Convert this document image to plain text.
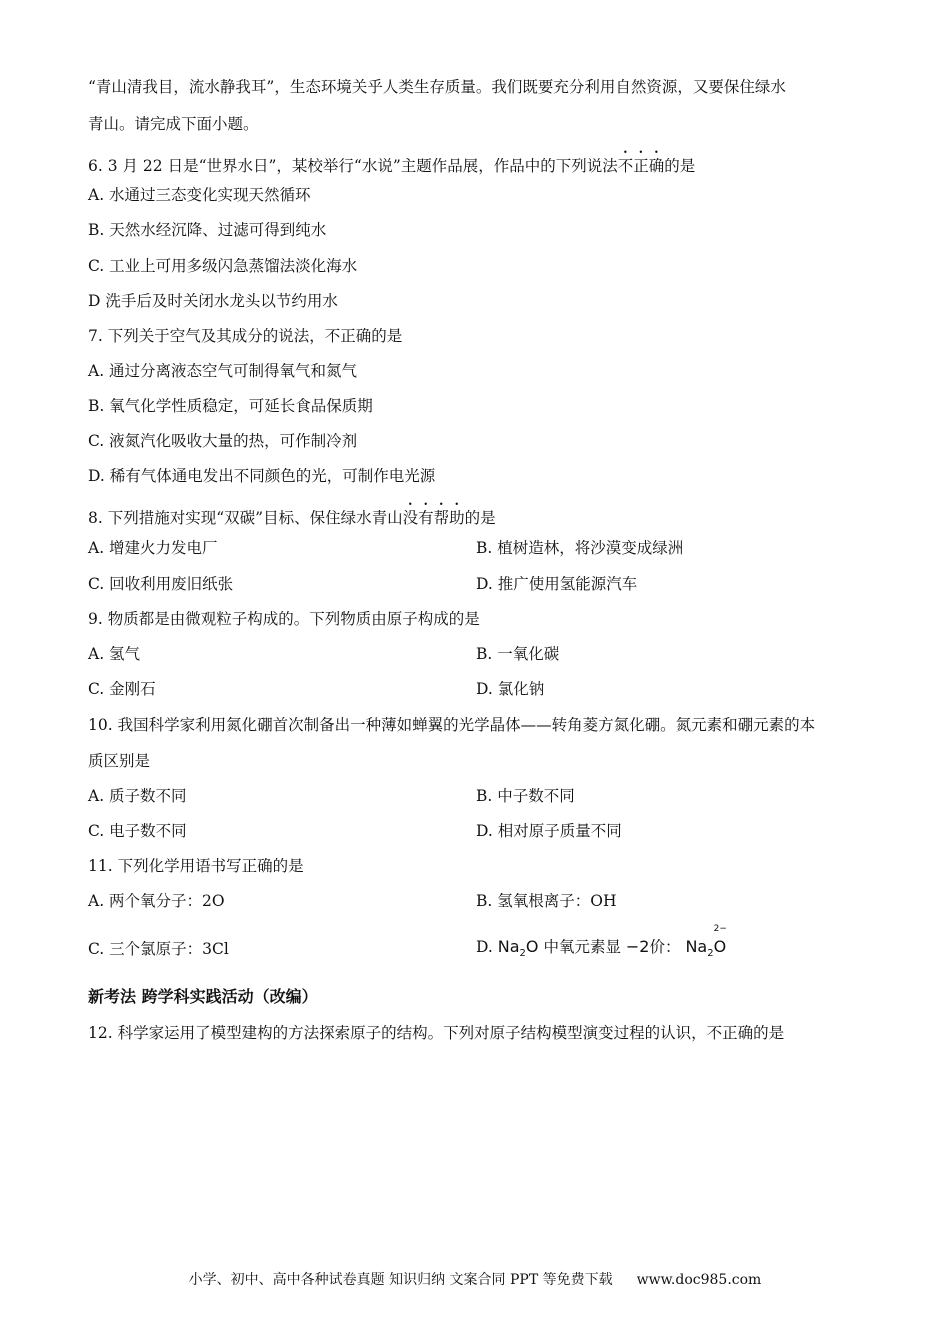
“青山清我目，流水静我耳”，生态环境关乎人类生存质量。我们既要充分利用自然资源，又要保住绿水
青山。请完成下面小题。
6. 3 月 22 日是“世界水日”，某校举行“水说”主题作品展，作品中的下列说法不正确的是
A. 水通过三态变化实现天然循环
B. 天然水经沉降、过滤可得到纯水
C. 工业上可用多级闪急蒸馏法淡化海水
D 洗手后及时关闭水龙头以节约用水
7. 下列关于空气及其成分的说法，不正确的是
A. 通过分离液态空气可制得氧气和氮气
B. 氧气化学性质稳定，可延长食品保质期
C. 液氮汽化吸收大量的热，可作制冷剂
D. 稀有气体通电发出不同颜色的光，可制作电光源
8. 下列措施对实现“双碳”目标、保住绿水青山没有帮助的是
A. 增建火力发电厂	B. 植树造林，将沙漠变成绿洲
C. 回收利用废旧纸张	D. 推广使用氢能源汽车
9. 物质都是由微观粒子构成的。下列物质由原子构成的是
A. 氢气	B. 一氧化碳
C. 金刚石	D. 氯化钠
10. 我国科学家利用氮化硼首次制备出一种薄如蝉翼的光学晶体——转角菱方氮化硼。氮元素和硼元素的本
质区别是
A. 质子数不同	B. 中子数不同
C. 电子数不同	D. 相对原子质量不同
11. 下列化学用语书写正确的是
A. 两个氧分子：2O	B. 氢氧根离子：OH
C. 三个氯原子：3Cl	D. $Na_2O$ 中氧元素显 −2价： $Na_2$
2−
O
新考法 跨学科实践活动（改编）
12. 科学家运用了模型建构的方法探索原子的结构。下列对原子结构模型演变过程的认识，不正确的是
小学、初中、高中各种试卷真题 知识归纳 文案合同 PPT 等免费下载 www.doc985.com
